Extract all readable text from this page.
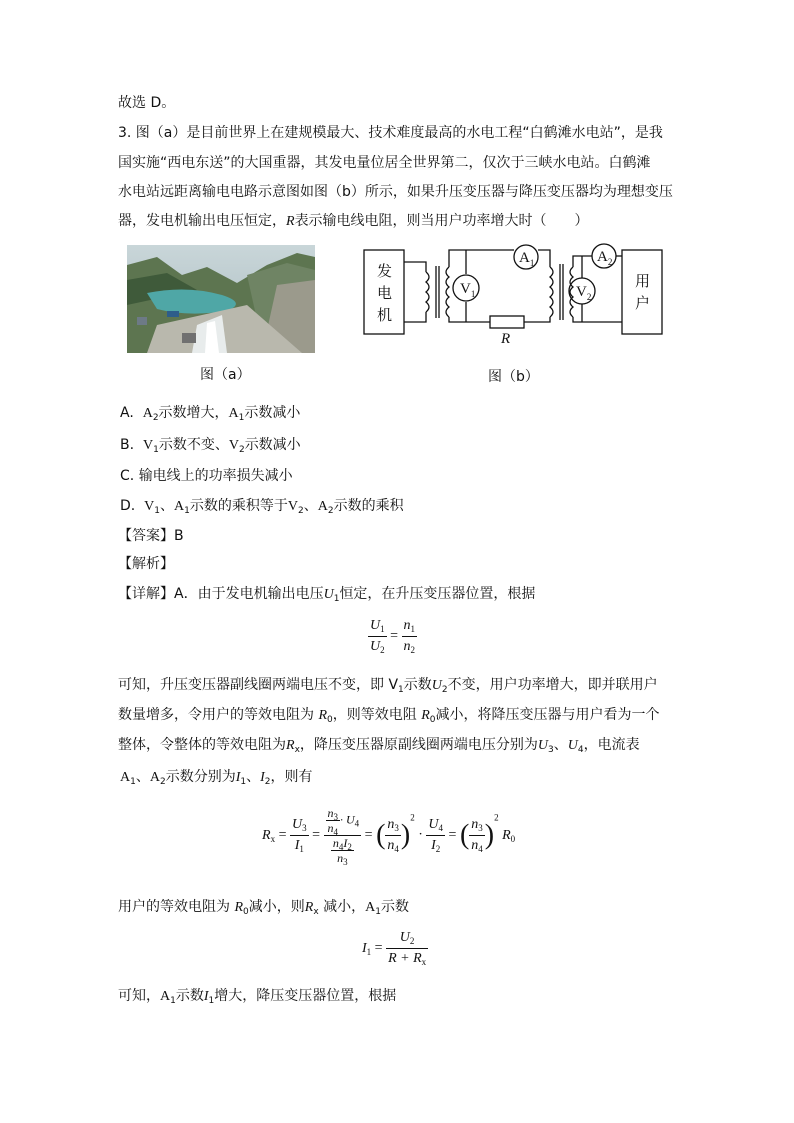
故选 D。
3. 图（a）是目前世界上在建规模最大、技术难度最高的水电工程“白鹤滩水电站”，是我
国实施“西电东送”的大国重器，其发电量位居全世界第二，仅次于三峡水电站。白鹤滩
水电站远距离输电电路示意图如图（b）所示，如果升压变压器与降压变压器均为理想变压
器，发电机输出电压恒定，R表示输电线电阻，则当用户功率增大时（　　）
图（a）
$V_1$
$A_1$	$A_2$
$V_2$
R
发
电
机
用
户
图（b）
A. $A_2$示数增大，$A_1$示数减小
B. $V_1$示数不变、$V_2$示数减小
C. 输电线上的功率损失减小
D. $V_1$、$A_1$示数的乘积等于$V_2$、$A_2$示数的乘积
【答案】B
【解析】
【详解】A．由于发电机输出电压$U_1$恒定，在升压变压器位置，根据
$\frac{U_1}{U_2} = \frac{n_1}{n_2}$
可知，升压变压器副线圈两端电压不变，即 $V_1$示数$U_2$不变，用户功率增大，即并联用户
数量增多，令用户的等效电阻为 $R_0$，则等效电阻 $R_0$减小，将降压变压器与用户看为一个
整体，令整体的等效电阻为$R_x$，降压变压器原副线圈两端电压分别为$U_3$、$U_4$，电流表
$A_1$、$A_2$示数分别为$I_1$、$I_2$，则有
$R_x = \frac{U_3}{I_1} = \frac{\frac{n_3}{n_4} \cdot U_4}{\frac{n_4I_2}{n_3}}$ = ( $\frac{n_3}{n_4} )^2 \cdot \frac{U_4}{I_2}$ = ( $\frac{n_3}{n_4} )^2$ $R_0$
用户的等效电阻为 $R_0$减小，则$R_x$ 减小，$A_1$示数
$I_1 = \frac{U_2}{R + R_x}$
可知，$A_1$示数$I_1$增大，降压变压器位置，根据
